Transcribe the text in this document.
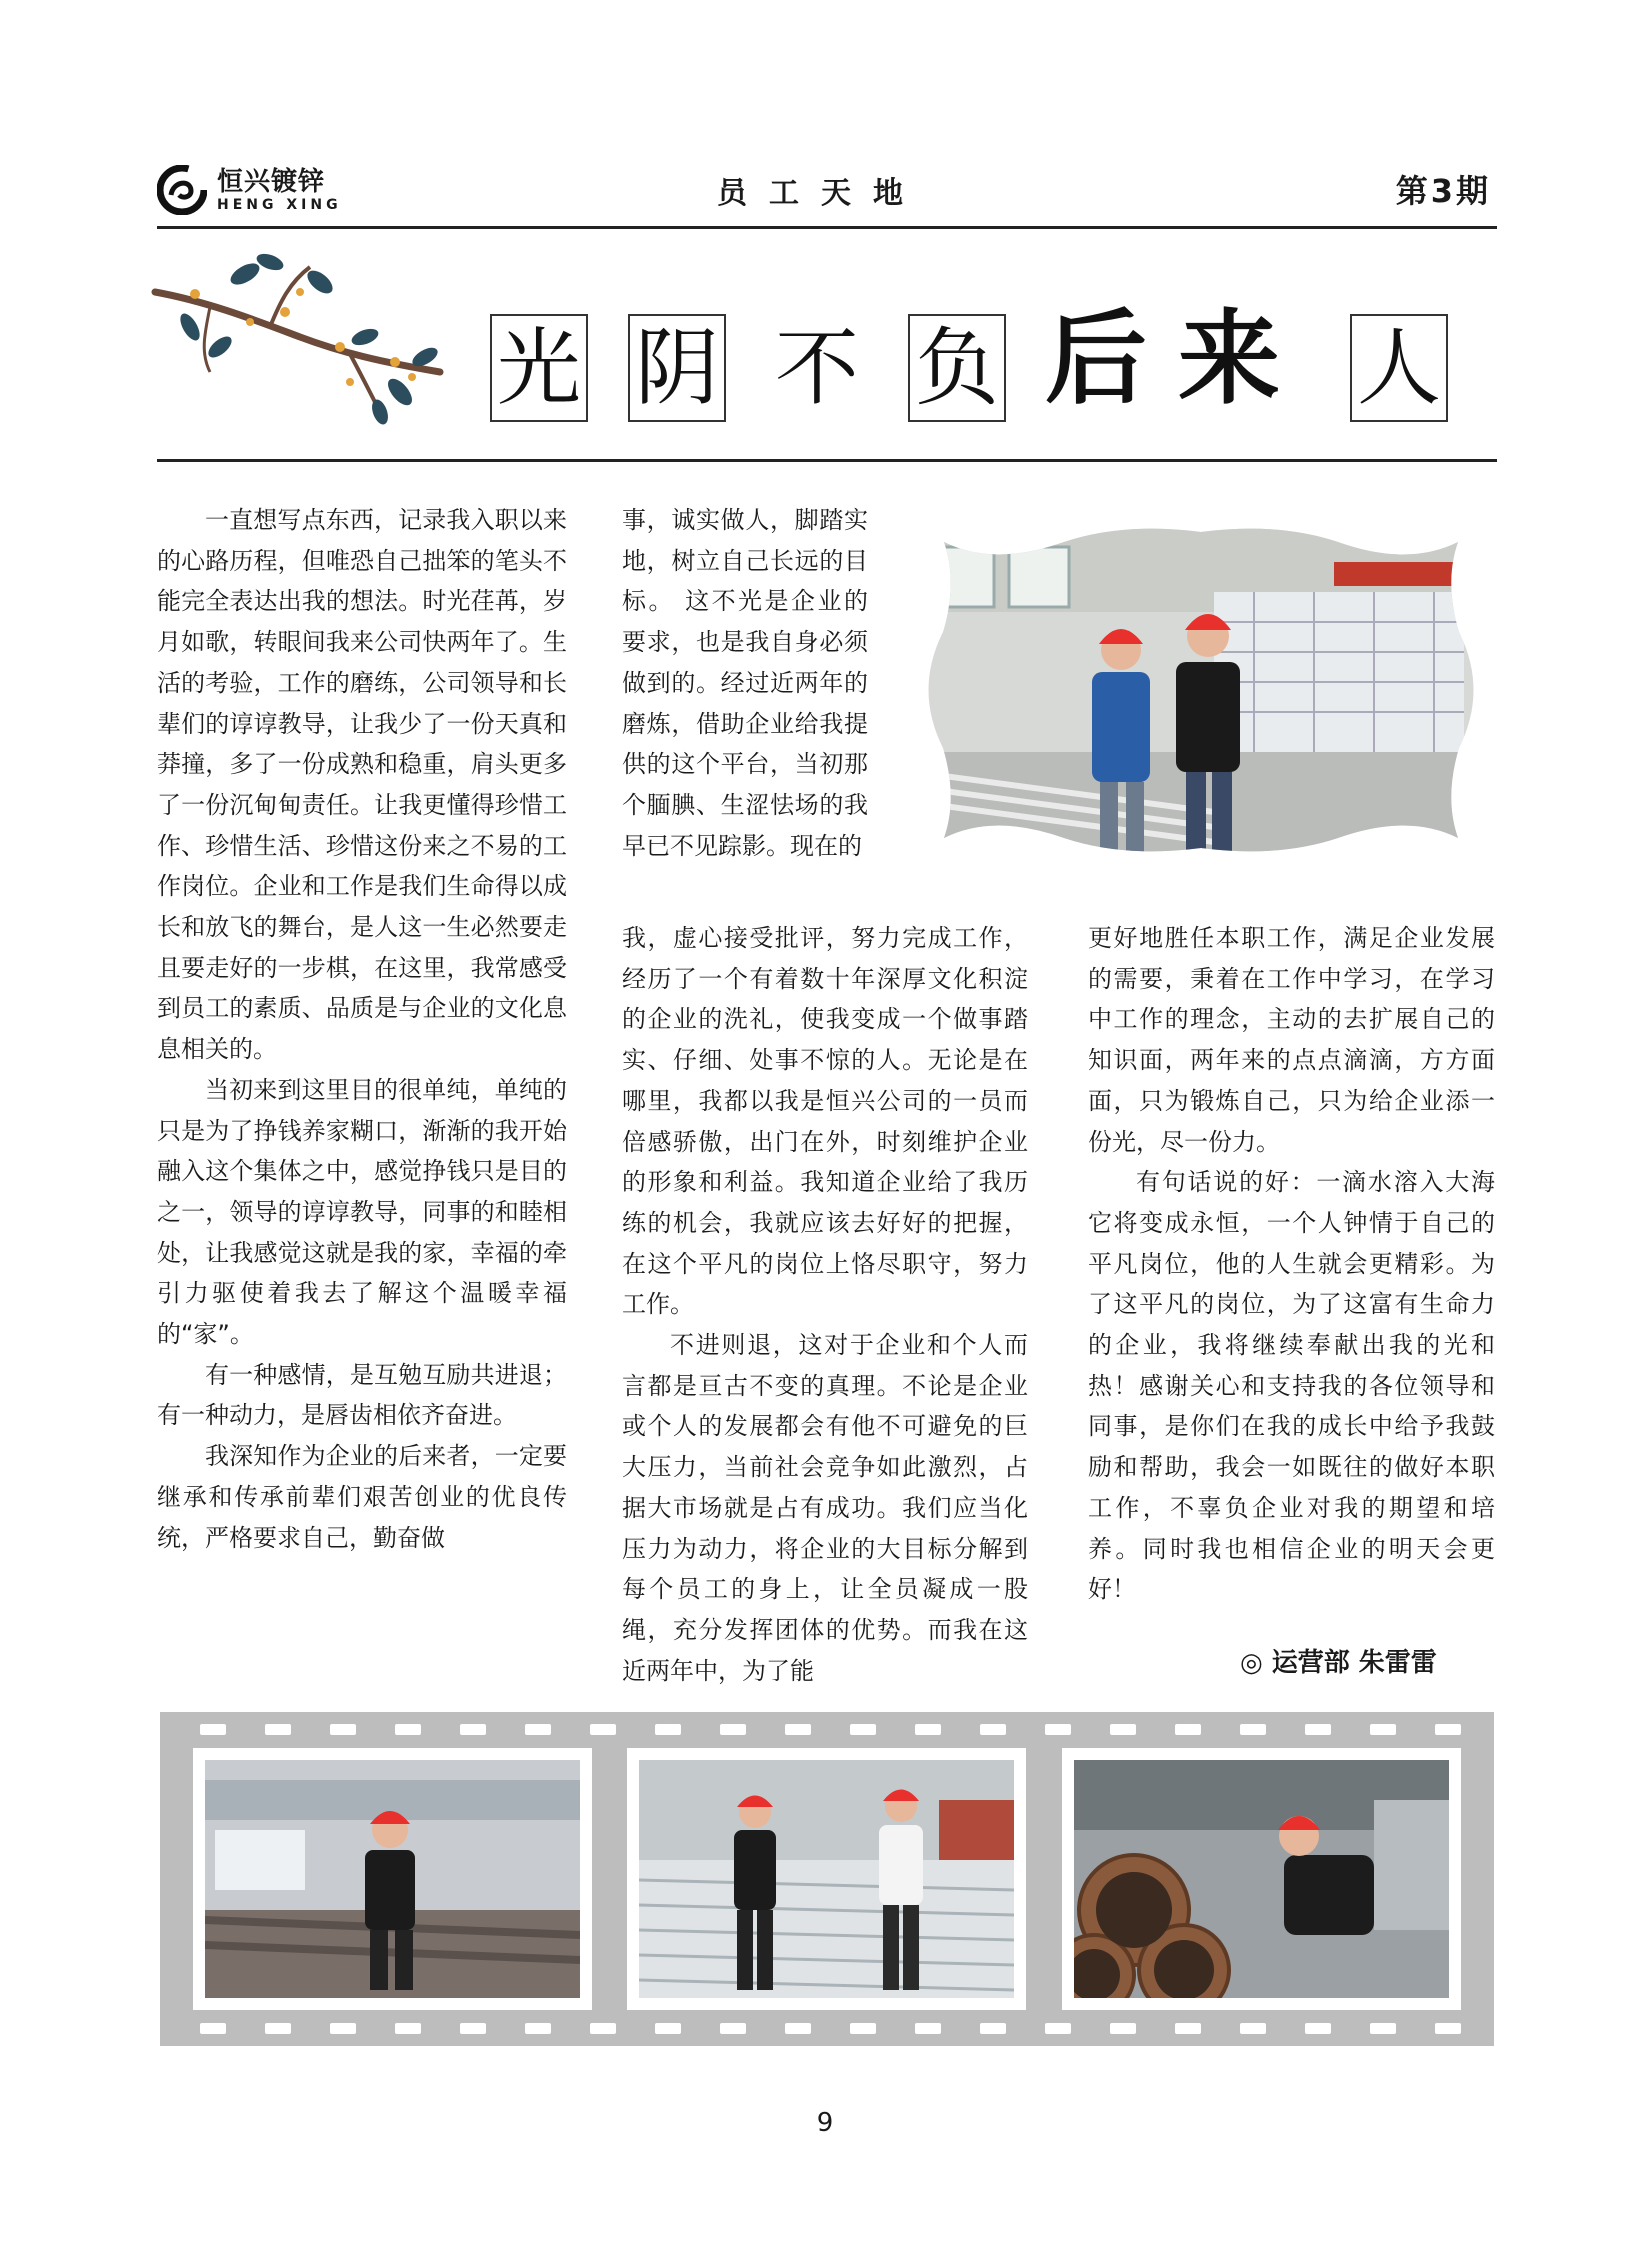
恒兴镀锌
HENG XING	员工天地	第3期
光 阴 不 负 后 来 人

一直想写点东西，记录我入职以来的心路历程，但唯恐自己拙笨的笔头不能完全表达出我的想法。时光荏苒，岁月如歌，转眼间我来公司快两年了。生活的考验，工作的磨练，公司领导和长辈们的谆谆教导，让我少了一份天真和莽撞，多了一份成熟和稳重，肩头更多了一份沉甸甸责任。让我更懂得珍惜工作、珍惜生活、珍惜这份来之不易的工作岗位。企业和工作是我们生命得以成长和放飞的舞台，是人这一生必然要走且要走好的一步棋，在这里，我常感受到员工的素质、品质是与企业的文化息息相关的。

当初来到这里目的很单纯，单纯的只是为了挣钱养家糊口，渐渐的我开始融入这个集体之中，感觉挣钱只是目的之一，领导的谆谆教导，同事的和睦相处，让我感觉这就是我的家，幸福的牵引力驱使着我去了解这个温暖幸福的“家”。

有一种感情，是互勉互励共进退；有一种动力，是唇齿相依齐奋进。

我深知作为企业的后来者，一定要继承和传承前辈们艰苦创业的优良传统，严格要求自己，勤奋做

事，诚实做人，脚踏实地，树立自己长远的目标。 这不光是企业的要求，也是我自身必须做到的。经过近两年的磨炼，借助企业给我提供的这个平台，当初那个腼腆、生涩怯场的我早已不见踪影。现在的

我，虚心接受批评，努力完成工作，经历了一个有着数十年深厚文化积淀的企业的洗礼，使我变成一个做事踏实、仔细、处事不惊的人。无论是在哪里，我都以我是恒兴公司的一员而倍感骄傲，出门在外，时刻维护企业的形象和利益。我知道企业给了我历练的机会，我就应该去好好的把握，在这个平凡的岗位上恪尽职守，努力工作。

不进则退，这对于企业和个人而言都是亘古不变的真理。不论是企业或个人的发展都会有他不可避免的巨大压力，当前社会竞争如此激烈，占据大市场就是占有成功。我们应当化压力为动力，将企业的大目标分解到每个员工的身上，让全员凝成一股绳，充分发挥团体的优势。而我在这近两年中，为了能

更好地胜任本职工作，满足企业发展的需要，秉着在工作中学习，在学习中工作的理念，主动的去扩展自己的知识面，两年来的点点滴滴，方方面面，只为锻炼自己，只为给企业添一份光，尽一份力。

有句话说的好：一滴水溶入大海它将变成永恒，一个人钟情于自己的平凡岗位，他的人生就会更精彩。为了这平凡的岗位，为了这富有生命力的企业，我将继续奉献出我的光和热！感谢关心和支持我的各位领导和同事，是你们在我的成长中给予我鼓励和帮助，我会一如既往的做好本职工作，不辜负企业对我的期望和培养。同时我也相信企业的明天会更好！

◎ 运营部 朱雷雷
9
